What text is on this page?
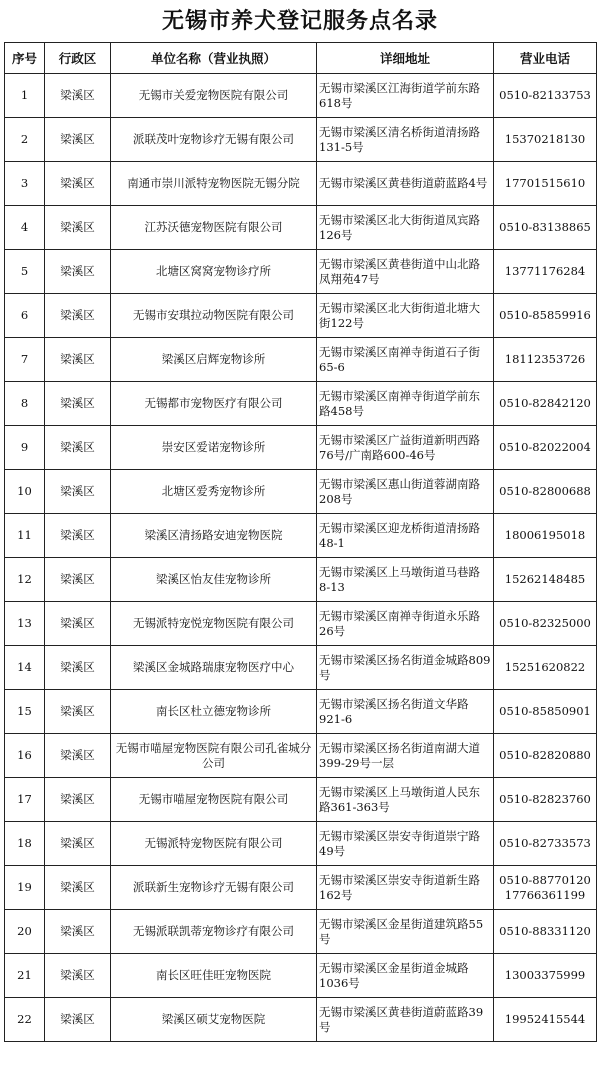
无锡市养犬登记服务点名录
序号	行政区	单位名称（营业执照）	详细地址	营业电话
1	梁溪区	无锡市关爱宠物医院有限公司	无锡市梁溪区江海街道学前东路618号	0510-82133753
2	梁溪区	派联茂叶宠物诊疗无锡有限公司	无锡市梁溪区清名桥街道清扬路131-5号	15370218130
3	梁溪区	南通市崇川派特宠物医院无锡分院	无锡市梁溪区黄巷街道蔚蓝路4号	17701515610
4	梁溪区	江苏沃德宠物医院有限公司	无锡市梁溪区北大街街道凤宾路126号	0510-83138865
5	梁溪区	北塘区窝窝宠物诊疗所	无锡市梁溪区黄巷街道中山北路凤翔苑47号	13771176284
6	梁溪区	无锡市安琪拉动物医院有限公司	无锡市梁溪区北大街街道北塘大街122号	0510-85859916
7	梁溪区	梁溪区启辉宠物诊所	无锡市梁溪区南禅寺街道石子街65-6	18112353726
8	梁溪区	无锡都市宠物医疗有限公司	无锡市梁溪区南禅寺街道学前东路458号	0510-82842120
9	梁溪区	崇安区爱诺宠物诊所	无锡市梁溪区广益街道新明西路76号/广南路600-46号	0510-82022004
10	梁溪区	北塘区爱秀宠物诊所	无锡市梁溪区惠山街道蓉湖南路208号	0510-82800688
11	梁溪区	梁溪区清扬路安迪宠物医院	无锡市梁溪区迎龙桥街道清扬路48-1	18006195018
12	梁溪区	梁溪区怡友佳宠物诊所	无锡市梁溪区上马墩街道马巷路8-13	15262148485
13	梁溪区	无锡派特宠悦宠物医院有限公司	无锡市梁溪区南禅寺街道永乐路26号	0510-82325000
14	梁溪区	梁溪区金城路瑞康宠物医疗中心	无锡市梁溪区扬名街道金城路809号	15251620822
15	梁溪区	南长区杜立德宠物诊所	无锡市梁溪区扬名街道文华路921-6	0510-85850901
16	梁溪区	无锡市喵屋宠物医院有限公司孔雀城分公司	无锡市梁溪区扬名街道南湖大道399-29号一层	0510-82820880
17	梁溪区	无锡市喵屋宠物医院有限公司	无锡市梁溪区上马墩街道人民东路361-363号	0510-82823760
18	梁溪区	无锡派特宠物医院有限公司	无锡市梁溪区崇安寺街道崇宁路49号	0510-82733573
19	梁溪区	派联新生宠物诊疗无锡有限公司	无锡市梁溪区崇安寺街道新生路162号	0510-88770120 17766361199
20	梁溪区	无锡派联凯蒂宠物诊疗有限公司	无锡市梁溪区金星街道建筑路55号	0510-88331120
21	梁溪区	南长区旺佳旺宠物医院	无锡市梁溪区金星街道金城路1036号	13003375999
22	梁溪区	梁溪区硕艾宠物医院	无锡市梁溪区黄巷街道蔚蓝路39号	19952415544
